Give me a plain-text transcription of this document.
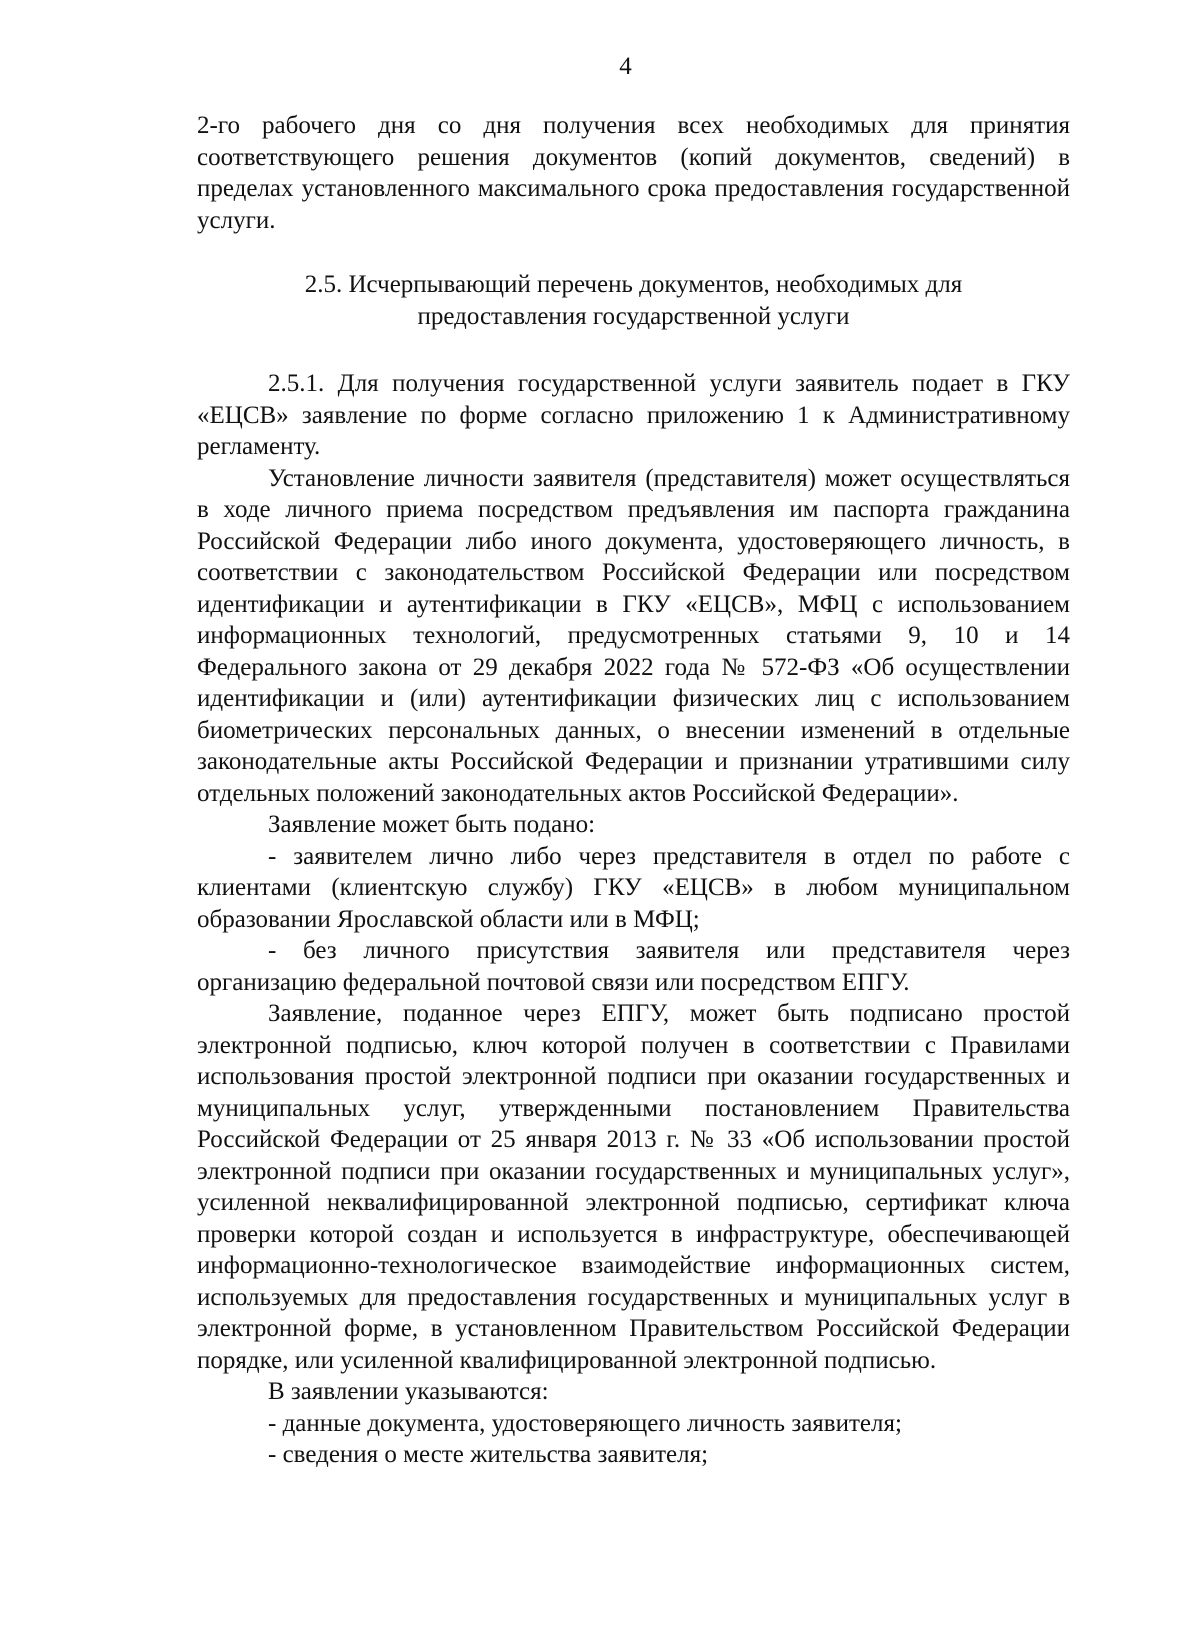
4

2-го рабочего дня со дня получения всех необходимых для принятия соответствующего решения документов (копий документов, сведений) в пределах установленного максимального срока предоставления государственной услуги.

2.5. Исчерпывающий перечень документов, необходимых для
предоставления государственной услуги

2.5.1. Для получения государственной услуги заявитель подает в ГКУ «ЕЦСВ» заявление по форме согласно приложению 1 к Административному регламенту.

Установление личности заявителя (представителя) может осуществляться в ходе личного приема посредством предъявления им паспорта гражданина Российской Федерации либо иного документа, удостоверяющего личность, в соответствии с законодательством Российской Федерации или посредством идентификации и аутентификации в ГКУ «ЕЦСВ», МФЦ с использованием информационных технологий, предусмотренных статьями 9, 10 и 14 Федерального закона от 29 декабря 2022 года № 572-ФЗ «Об осуществлении идентификации и (или) аутентификации физических лиц с использованием биометрических персональных данных, о внесении изменений в отдельные законодательные акты Российской Федерации и признании утратившими силу отдельных положений законодательных актов Российской Федерации».

Заявление может быть подано:

- заявителем лично либо через представителя в отдел по работе с клиентами (клиентскую службу) ГКУ «ЕЦСВ» в любом муниципальном образовании Ярославской области или в МФЦ;

- без личного присутствия заявителя или представителя через организацию федеральной почтовой связи или посредством ЕПГУ.

Заявление, поданное через ЕПГУ, может быть подписано простой электронной подписью, ключ которой получен в соответствии с Правилами использования простой электронной подписи при оказании государственных и муниципальных услуг, утвержденными постановлением Правительства Российской Федерации от 25 января 2013 г. № 33 «Об использовании простой электронной подписи при оказании государственных и муниципальных услуг», усиленной неквалифицированной электронной подписью, сертификат ключа проверки которой создан и используется в инфраструктуре, обеспечивающей информационно-технологическое взаимодействие информационных систем, используемых для предоставления государственных и муниципальных услуг в электронной форме, в установленном Правительством Российской Федерации порядке, или усиленной квалифицированной электронной подписью.

В заявлении указываются:

- данные документа, удостоверяющего личность заявителя;

- сведения о месте жительства заявителя;
